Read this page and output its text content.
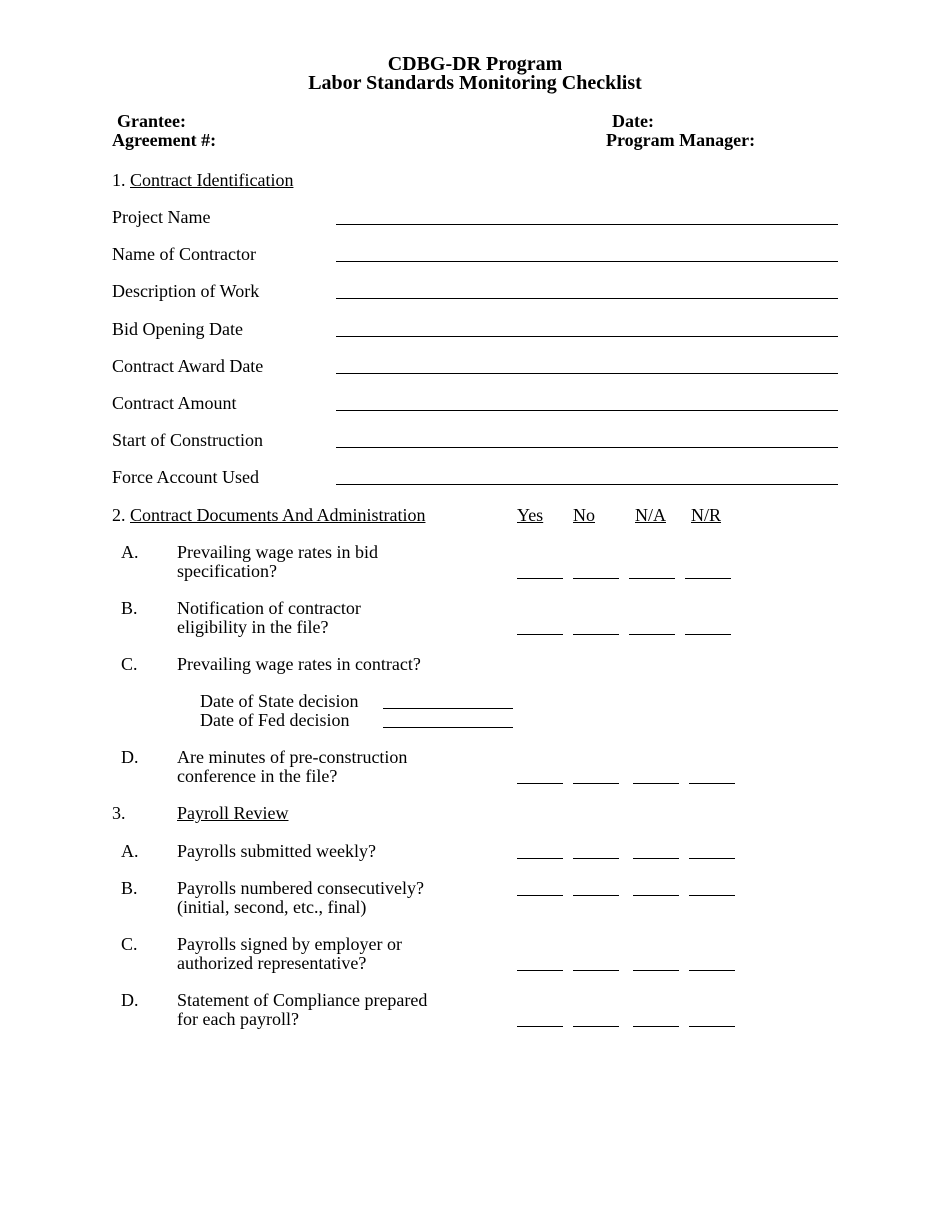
CDBG-DR Program
Labor Standards Monitoring Checklist
Grantee:
Agreement #:
Date:
Program Manager:
1. Contract Identification
Project Name
Name of Contractor
Description of Work
Bid Opening Date
Contract Award Date
Contract Amount
Start of Construction
Force Account Used
2. Contract Documents And Administration	Yes No N/A N/R
A. Prevailing wage rates in bid
specification?
B. Notification of contractor
eligibility in the file?
C. Prevailing wage rates in contract?
Date of State decision
Date of Fed decision
D. Are minutes of pre-construction
conference in the file?
3.	Payroll Review
A. Payrolls submitted weekly?
B. Payrolls numbered consecutively?
(initial, second, etc., final)
C. Payrolls signed by employer or
authorized representative?
D. Statement of Compliance prepared
for each payroll?
